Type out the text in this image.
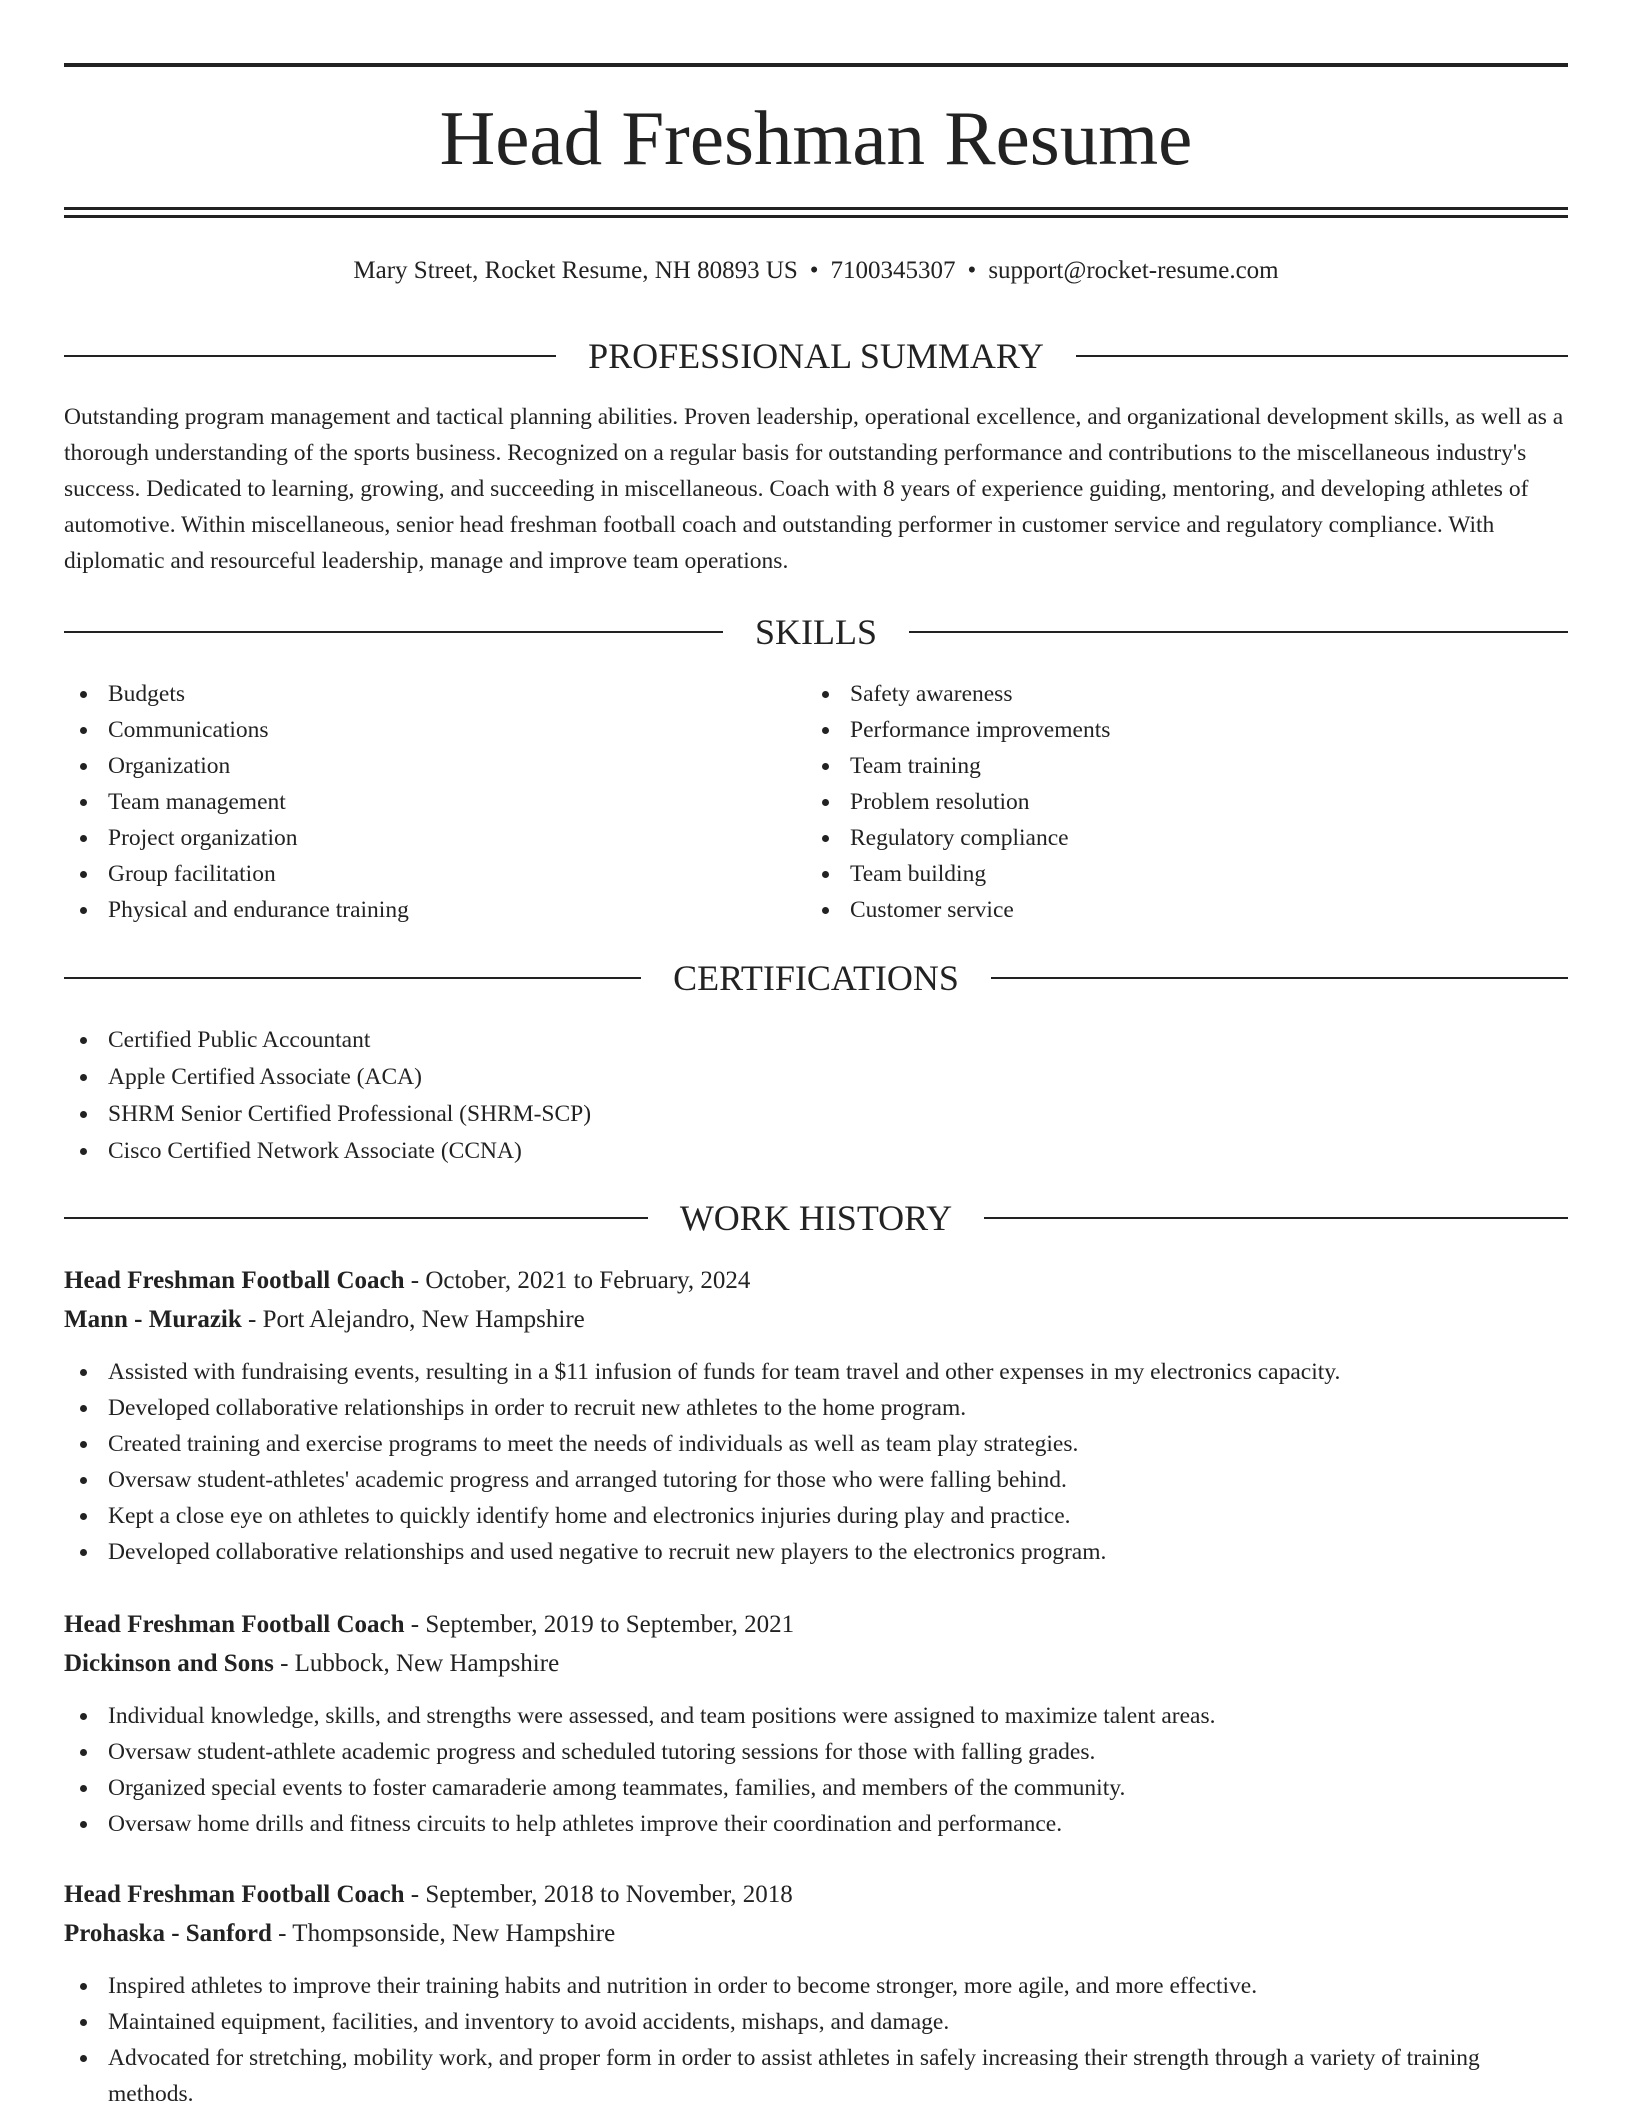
Head Freshman Resume
Mary Street, Rocket Resume, NH 80893 US • 7100345307 • support@rocket-resume.com
PROFESSIONAL SUMMARY

Outstanding program management and tactical planning abilities. Proven leadership, operational excellence, and organizational development skills, as well as a thorough understanding of the sports business. Recognized on a regular basis for outstanding performance and contributions to the miscellaneous industry's success. Dedicated to learning, growing, and succeeding in miscellaneous. Coach with 8 years of experience guiding, mentoring, and developing athletes of automotive. Within miscellaneous, senior head freshman football coach and outstanding performer in customer service and regulatory compliance. With diplomatic and resourceful leadership, manage and improve team operations.

SKILLS
Budgets
Communications
Organization
Team management
Project organization
Group facilitation
Physical and endurance training
Safety awareness
Performance improvements
Team training
Problem resolution
Regulatory compliance
Team building
Customer service
CERTIFICATIONS
Certified Public Accountant
Apple Certified Associate (ACA)
SHRM Senior Certified Professional (SHRM-SCP)
Cisco Certified Network Associate (CCNA)
WORK HISTORY
Head Freshman Football Coach - October, 2021 to February, 2024
Mann - Murazik - Port Alejandro, New Hampshire
Assisted with fundraising events, resulting in a $11 infusion of funds for team travel and other expenses in my electronics capacity.
Developed collaborative relationships in order to recruit new athletes to the home program.
Created training and exercise programs to meet the needs of individuals as well as team play strategies.
Oversaw student-athletes' academic progress and arranged tutoring for those who were falling behind.
Kept a close eye on athletes to quickly identify home and electronics injuries during play and practice.
Developed collaborative relationships and used negative to recruit new players to the electronics program.
Head Freshman Football Coach - September, 2019 to September, 2021
Dickinson and Sons - Lubbock, New Hampshire
Individual knowledge, skills, and strengths were assessed, and team positions were assigned to maximize talent areas.
Oversaw student-athlete academic progress and scheduled tutoring sessions for those with falling grades.
Organized special events to foster camaraderie among teammates, families, and members of the community.
Oversaw home drills and fitness circuits to help athletes improve their coordination and performance.
Head Freshman Football Coach - September, 2018 to November, 2018
Prohaska - Sanford - Thompsonside, New Hampshire
Inspired athletes to improve their training habits and nutrition in order to become stronger, more agile, and more effective.
Maintained equipment, facilities, and inventory to avoid accidents, mishaps, and damage.
Advocated for stretching, mobility work, and proper form in order to assist athletes in safely increasing their strength through a variety of training methods.
